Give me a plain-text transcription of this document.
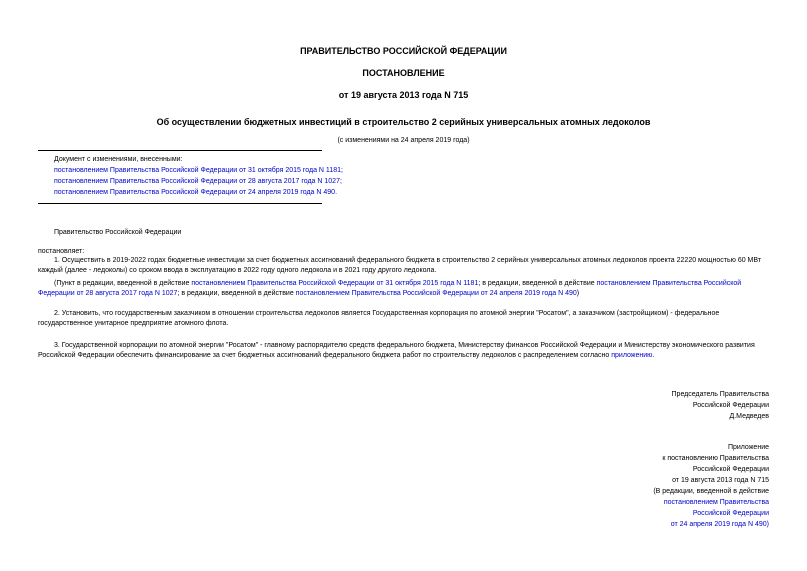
ПРАВИТЕЛЬСТВО РОССИЙСКОЙ ФЕДЕРАЦИИ
ПОСТАНОВЛЕНИЕ
от 19 августа 2013 года N 715
Об осуществлении бюджетных инвестиций в строительство 2 серийных универсальных атомных ледоколов
(с изменениями на 24 апреля 2019 года)
Документ с изменениями, внесенными:
постановлением Правительства Российской Федерации от 31 октября 2015 года N 1181;
постановлением Правительства Российской Федерации от 28 августа 2017 года N 1027;
постановлением Правительства Российской Федерации от 24 апреля 2019 года N 490.
Правительство Российской Федерации
постановляет:
1. Осуществить в 2019-2022 годах бюджетные инвестиции за счет бюджетных ассигнований федерального бюджета в строительство 2 серийных универсальных атомных ледоколов проекта 22220 мощностью 60 МВт каждый (далее - ледоколы) со сроком ввода в эксплуатацию в 2022 году одного ледокола и в 2021 году другого ледокола.
(Пункт в редакции, введенной в действие постановлением Правительства Российской Федерации от 31 октября 2015 года N 1181; в редакции, введенной в действие постановлением Правительства Российской Федерации от 28 августа 2017 года N 1027; в редакции, введенной в действие постановлением Правительства Российской Федерации от 24 апреля 2019 года N 490)
2. Установить, что государственным заказчиком в отношении строительства ледоколов является Государственная корпорация по атомной энергии "Росатом", а заказчиком (застройщиком) - федеральное государственное унитарное предприятие атомного флота.
3. Государственной корпорации по атомной энергии "Росатом" - главному распорядителю средств федерального бюджета, Министерству финансов Российской Федерации и Министерству экономического развития Российской Федерации обеспечить финансирование за счет бюджетных ассигнований федерального бюджета работ по строительству ледоколов с распределением согласно приложению.
Председатель Правительства
Российской Федерации
Д.Медведев
Приложение
к постановлению Правительства
Российской Федерации
от 19 августа 2013 года N 715
(В редакции, введенной в действие
постановлением Правительства
Российской Федерации
от 24 апреля 2019 года N 490)
